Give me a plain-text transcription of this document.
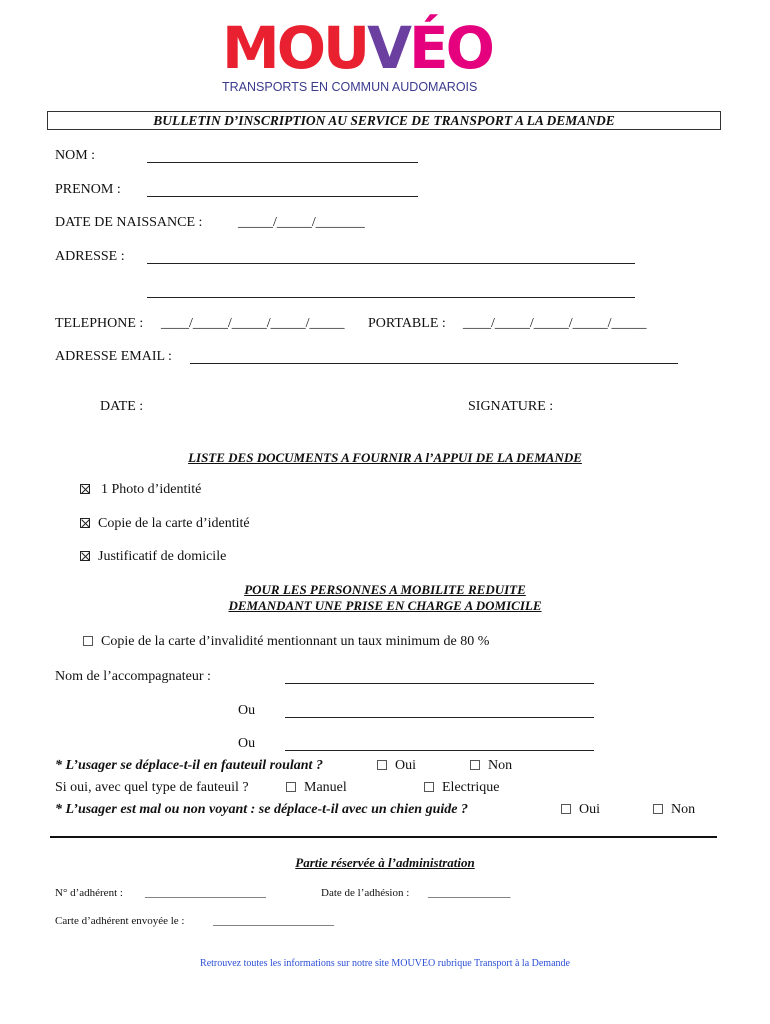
MOUVÉO
TRANSPORTS EN COMMUN AUDOMAROIS
BULLETIN D’INSCRIPTION AU SERVICE DE TRANSPORT A LA DEMANDE
NOM :
PRENOM :
DATE DE NAISSANCE :	_____/_____/_______
ADRESSE :
TELEPHONE : ____/_____/_____/_____/_____ PORTABLE : ____/_____/_____/_____/_____
ADRESSE EMAIL :
DATE :	SIGNATURE :
LISTE DES DOCUMENTS A FOURNIR A l’APPUI DE LA DEMANDE
1 Photo d’identité
Copie de la carte d’identité
Justificatif de domicile
POUR LES PERSONNES A MOBILITE REDUITE
DEMANDANT UNE PRISE EN CHARGE A DOMICILE
Copie de la carte d’invalidité mentionnant un taux minimum de 80 %
Nom de l’accompagnateur :
Ou
Ou
* L’usager se déplace-t-il en fauteuil roulant ?	Oui	Non
Si oui, avec quel type de fauteuil ?	Manuel	Electrique
* L’usager est mal ou non voyant : se déplace-t-il avec un chien guide ?	Oui	Non
Partie réservée à l’administration
N° d’adhérent : ______________________	Date de l’adhésion : _______________
Carte d’adhérent envoyée le :	______________________
Retrouvez toutes les informations sur notre site MOUVEO rubrique Transport à la Demande
